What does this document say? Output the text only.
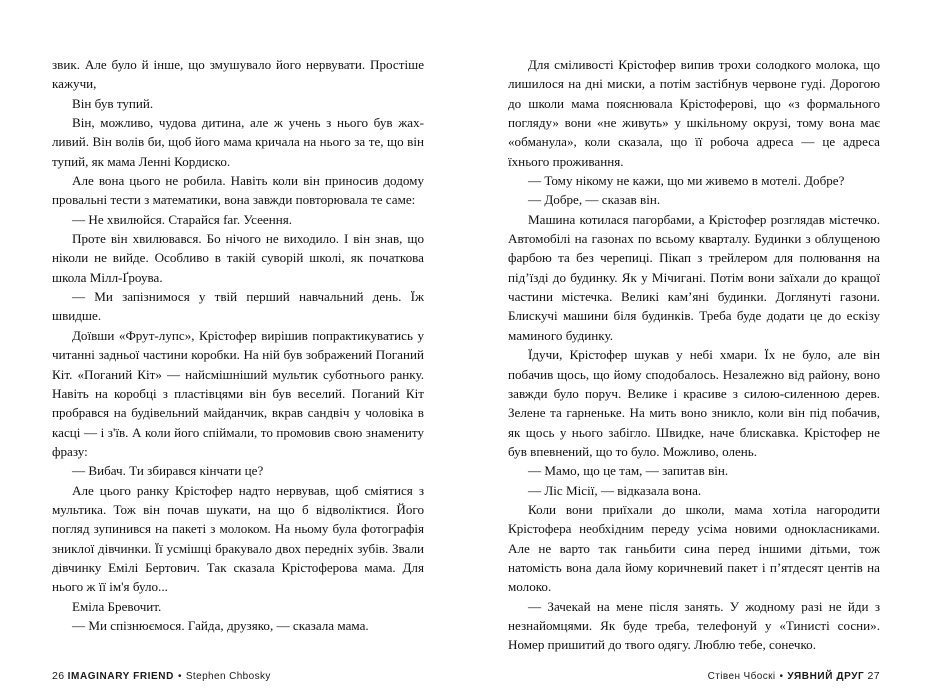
звик. Але було й інше, що змушувало його нервувати. Простіше кажучи,

Він був тупий.

Він, можливо, чудова дитина, але ж учень з нього був жахливий. Він волів би, щоб його мама кричала на нього за те, що він тупий, як мама Ленні Кордиско.

Але вона цього не робила. Навіть коли він приносив додому провальні тести з математики, вона завжди повторювала те саме:

— Не хвилюйся. Старайся far. Усеення.

Проте він хвилювався. Бо нічого не виходило. І він знав, що ніколи не вийде. Особливо в такій суворій школі, як початкова школа Мілл-Ґроува.

— Ми запізнимося у твій перший навчальний день. Їж швидше.

Доївши «Фрут-лупс», Крістофер вирішив попрактикуватись у читанні задньої частини коробки. На ній був зображений Поганий Кіт. «Поганий Кіт» — найсмішніший мультик суботнього ранку. Навіть на коробці з пластівцями він був веселий. Поганий Кіт пробрався на будівельний майданчик, вкрав сандвіч у чоловіка в касці — і з'їв. А коли його спіймали, то промовив свою знамениту фразу:

— Вибач. Ти збирався кінчати це?

Але цього ранку Крістофер надто нервував, щоб сміятися з мультика. Тож він почав шукати, на що б відволіктися. Його погляд зупинився на пакеті з молоком. На ньому була фотографія зниклої дівчинки. Її усмішці бракувало двох передніх зубів. Звали дівчинку Емілі Бертович. Так сказала Крістоферова мама. Для нього ж її ім'я було...

Еміла Бревочит.

— Ми спізнюємося. Гайда, друзяко, — сказала мама.

26 IMAGINARY FRIEND • Stephen Chbosky

Для сміливості Крістофер випив трохи солодкого молока, що лишилося на дні миски, а потім застібнув червоне гуді. Дорогою до школи мама пояснювала Крістоферові, що «з формального погляду» вони «не живуть» у шкільному окрузі, тому вона має «обманула», коли сказала, що її робоча адреса — це адреса їхнього проживання.

— Тому нікому не кажи, що ми живемо в мотелі. Добре?

— Добре, — сказав він.

Машина котилася пагорбами, а Крістофер розглядав містечко. Автомобілі на газонах по всьому кварталу. Будинки з облущеною фарбою та без черепиці. Пікап з трейлером для полювання на підʼїзді до будинку. Як у Мічигані. Потім вони заїхали до кращої частини містечка. Великі камʼяні будинки. Доглянуті газони. Блискучі машини біля будинків. Треба буде додати це до ескізу маминого будинку.

Їдучи, Крістофер шукав у небі хмари. Їх не було, але він побачив щось, що йому сподобалось. Незалежно від району, воно завжди було поруч. Велике і красиве з силою-силенною дерев. Зелене та гарненьке. На мить воно зникло, коли він під побачив, як щось у нього забігло. Швидке, наче блискавка. Крістофер не був впевнений, що то було. Можливо, олень.

— Мамо, що це там, — запитав він.

— Ліс Місії, — відказала вона.

Коли вони приїхали до школи, мама хотіла нагородити Крістофера необхідним переду усіма новими однокласниками. Але не варто так ганьбити сина перед іншими дітьми, тож натомість вона дала йому коричневий пакет і пʼятдесят центів на молоко.

— Зачекай на мене після занять. У жодному разі не йди з незнайомцями. Як буде треба, телефонуй у «Тинисті сосни». Номер пришитий до твого одягу. Люблю тебе, сонечко.

Стівен Чбоскі • УЯВНИЙ ДРУГ 27
